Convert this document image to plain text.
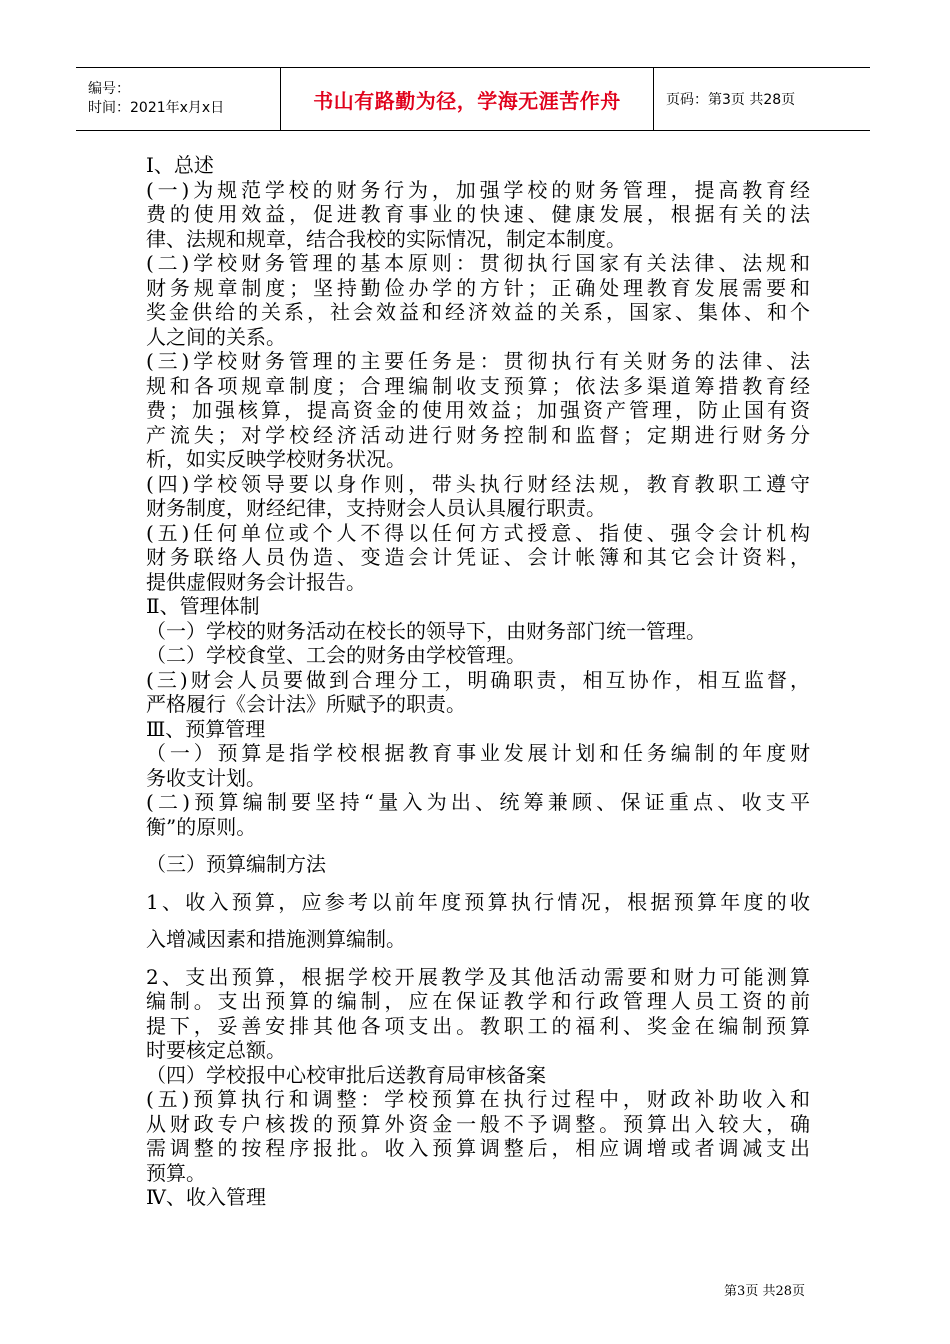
编号：
时间：2021年x月x日	书山有路勤为径，学海无涯苦作舟	页码：第3页 共28页
Ⅰ、总述
(一)为规范学校的财务行为，加强学校的财务管理，提高教育经
费的使用效益，促进教育事业的快速、健康发展，根据有关的法
律、法规和规章，结合我校的实际情况，制定本制度。
(二)学校财务管理的基本原则：贯彻执行国家有关法律、法规和
财务规章制度；坚持勤俭办学的方针；正确处理教育发展需要和
奖金供给的关系，社会效益和经济效益的关系，国家、集体、和个
人之间的关系。
(三)学校财务管理的主要任务是：贯彻执行有关财务的法律、法
规和各项规章制度；合理编制收支预算；依法多渠道筹措教育经
费；加强核算，提高资金的使用效益；加强资产管理，防止国有资
产流失；对学校经济活动进行财务控制和监督；定期进行财务分
析，如实反映学校财务状况。
(四)学校领导要以身作则，带头执行财经法规，教育教职工遵守
财务制度，财经纪律，支持财会人员认具履行职责。
(五)任何单位或个人不得以任何方式授意、指使、强令会计机构
财务联络人员伪造、变造会计凭证、会计帐簿和其它会计资料，
提供虚假财务会计报告。
Ⅱ、管理体制
（一）学校的财务活动在校长的领导下，由财务部门统一管理。
（二）学校食堂、工会的财务由学校管理。
(三)财会人员要做到合理分工，明确职责，相互协作，相互监督，
严格履行《会计法》所赋予的职责。
Ⅲ、预算管理
（一）预算是指学校根据教育事业发展计划和任务编制的年度财
务收支计划。
(二)预算编制要坚持“量入为出、统筹兼顾、保证重点、收支平
衡”的原则。
（三）预算编制方法
1、收入预算，应参考以前年度预算执行情况，根据预算年度的收
入增减因素和措施测算编制。
2、支出预算，根据学校开展教学及其他活动需要和财力可能测算
编制。支出预算的编制，应在保证教学和行政管理人员工资的前
提下，妥善安排其他各项支出。教职工的福利、奖金在编制预算
时要核定总额。
（四）学校报中心校审批后送教育局审核备案
(五)预算执行和调整：学校预算在执行过程中，财政补助收入和
从财政专户核拨的预算外资金一般不予调整。预算出入较大，确
需调整的按程序报批。收入预算调整后，相应调增或者调减支出
预算。
Ⅳ、收入管理
第3页 共28页
